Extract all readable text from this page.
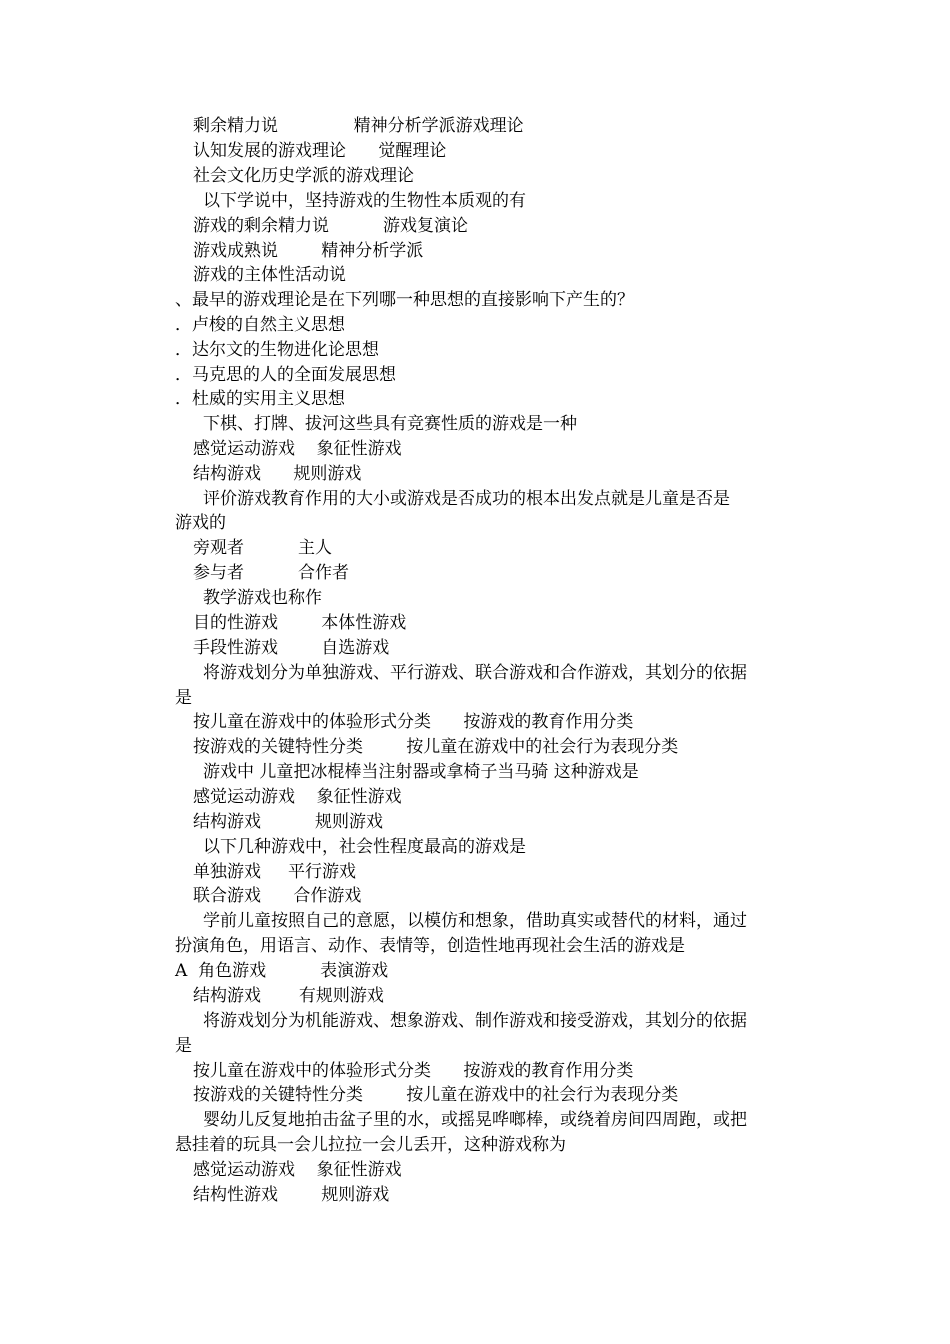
剩余精力说              精神分析学派游戏理论
认知发展的游戏理论      觉醒理论
社会文化历史学派的游戏理论
以下学说中，坚持游戏的生物性本质观的有
游戏的剩余精力说          游戏复演论
游戏成熟说        精神分析学派
游戏的主体性活动说
、最早的游戏理论是在下列哪一种思想的直接影响下产生的？
．卢梭的自然主义思想
．达尔文的生物进化论思想
．马克思的人的全面发展思想
．杜威的实用主义思想
下棋、打牌、拔河这些具有竞赛性质的游戏是一种
感觉运动游戏    象征性游戏
结构游戏      规则游戏
评价游戏教育作用的大小或游戏是否成功的根本出发点就是儿童是否是
游戏的
旁观者          主人
参与者          合作者
教学游戏也称作
目的性游戏        本体性游戏
手段性游戏        自选游戏
将游戏划分为单独游戏、平行游戏、联合游戏和合作游戏，其划分的依据
是
按儿童在游戏中的体验形式分类      按游戏的教育作用分类
按游戏的关键特性分类        按儿童在游戏中的社会行为表现分类
游戏中 儿童把冰棍棒当注射器或拿椅子当马骑 这种游戏是
感觉运动游戏    象征性游戏
结构游戏          规则游戏
以下几种游戏中，社会性程度最高的游戏是
单独游戏     平行游戏
联合游戏      合作游戏
学前儿童按照自己的意愿，以模仿和想象，借助真实或替代的材料，通过
扮演角色，用语言、动作、表情等，创造性地再现社会生活的游戏是
A  角色游戏          表演游戏
结构游戏       有规则游戏
将游戏划分为机能游戏、想象游戏、制作游戏和接受游戏，其划分的依据
是
按儿童在游戏中的体验形式分类      按游戏的教育作用分类
按游戏的关键特性分类        按儿童在游戏中的社会行为表现分类
婴幼儿反复地拍击盆子里的水，或摇晃哗啷棒，或绕着房间四周跑，或把
悬挂着的玩具一会儿拉拉一会儿丢开，这种游戏称为
感觉运动游戏    象征性游戏
结构性游戏        规则游戏
